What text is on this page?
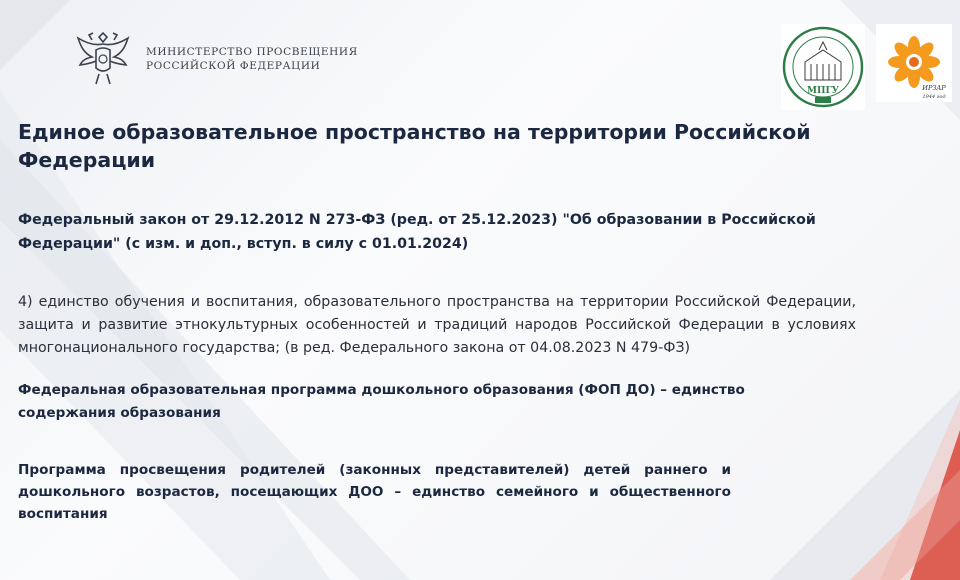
МИНИСТЕРСТВО ПРОСВЕЩЕНИЯ
РОССИЙСКОЙ ФЕДЕРАЦИИ
МПГУ	ИРЗАР
1944 год
Единое образовательное пространство на территории Российской Федерации
Федеральный закон от 29.12.2012 N 273-ФЗ (ред. от 25.12.2023) "Об образовании в Российской Федерации" (с изм. и доп., вступ. в силу с 01.01.2024)
4) единство обучения и воспитания, образовательного пространства на территории Российской Федерации, защита и развитие этнокультурных особенностей и традиций народов Российской Федерации в условиях многонационального государства; (в ред. Федерального закона от 04.08.2023 N 479-ФЗ)
Федеральная образовательная программа дошкольного образования (ФОП ДО) – единство содержания образования
Программа просвещения родителей (законных представителей) детей раннего и дошкольного возрастов, посещающих ДОО – единство семейного и общественного воспитания
